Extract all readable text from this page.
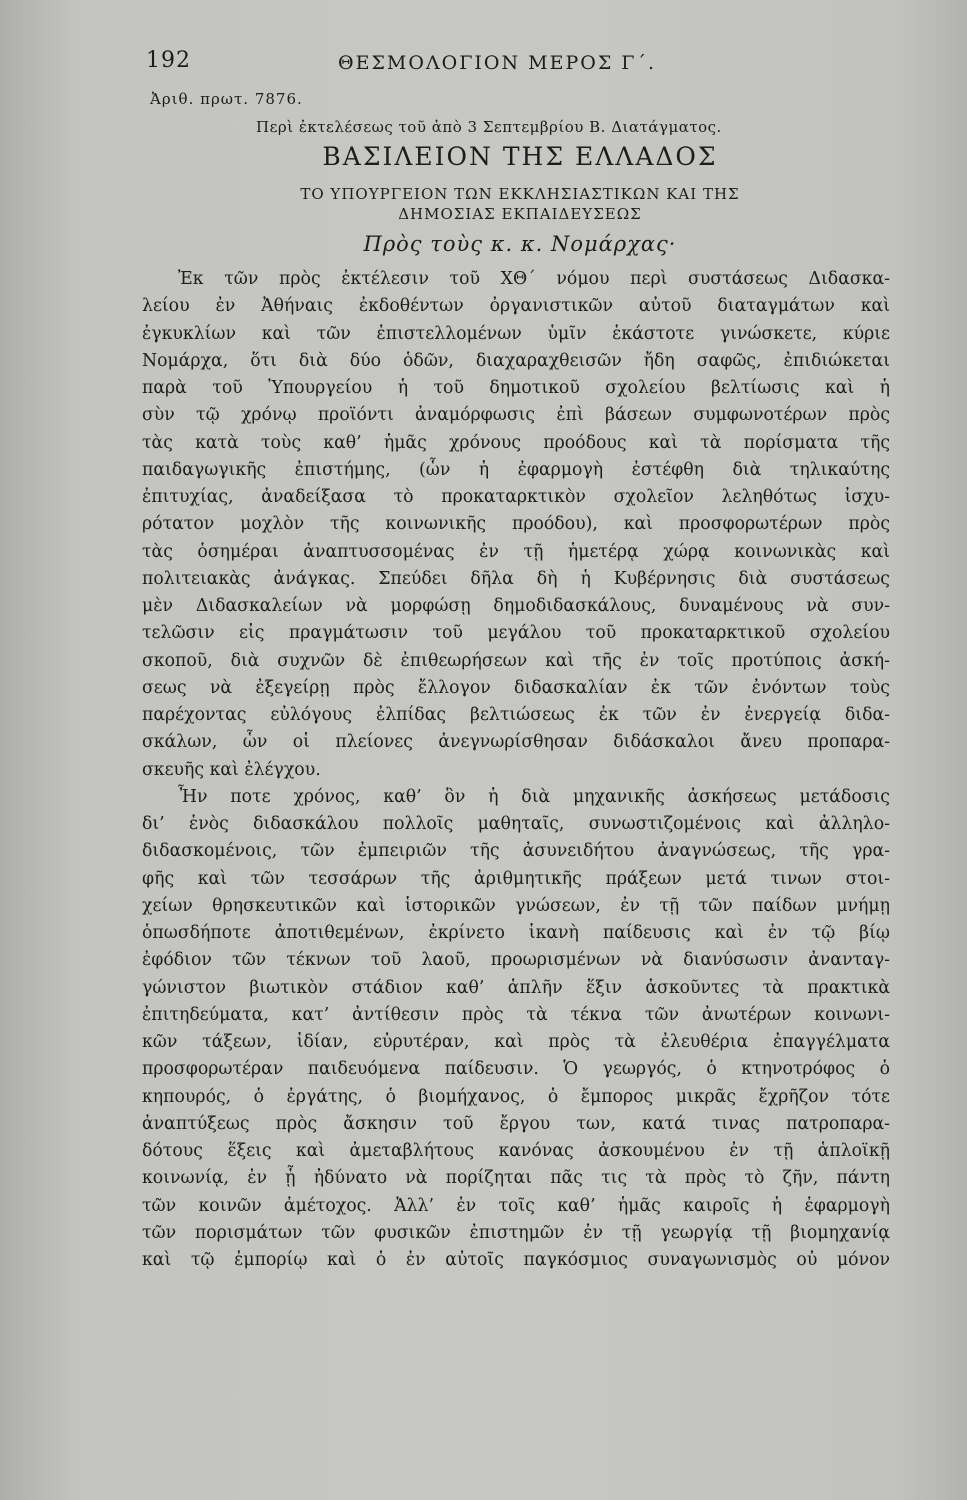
192	ΘΕΣΜΟΛΟΓΙΟΝ ΜΕΡΟΣ Γ΄.
Ἀριθ. πρωτ. 7876.
Περὶ ἐκτελέσεως τοῦ ἀπὸ 3 Σεπτεμβρίου Β. Διατάγματος.
ΒΑΣΙΛΕΙΟΝ ΤΗΣ ΕΛΛΑΔΟΣ
ΤΟ ΥΠΟΥΡΓΕΙΟΝ ΤΩΝ ΕΚΚΛΗΣΙΑΣΤΙΚΩΝ ΚΑΙ ΤΗΣ
ΔΗΜΟΣΙΑΣ ΕΚΠΑΙΔΕΥΣΕΩΣ
Πρὸς τοὺς κ. κ. Νομάρχας·
Ἐκ τῶν πρὸς ἐκτέλεσιν τοῦ ΧΘ΄ νόμου περὶ συστάσεως Διδασκα-
λείου ἐν Ἀθήναις ἐκδοθέντων ὀργανιστικῶν αὐτοῦ διαταγμάτων καὶ
ἐγκυκλίων καὶ τῶν ἐπιστελλομένων ὑμῖν ἑκάστοτε γινώσκετε, κύριε
Νομάρχα, ὅτι διὰ δύο ὁδῶν, διαχαραχθεισῶν ἤδη σαφῶς, ἐπιδιώκεται
παρὰ τοῦ Ὑπουργείου ἡ τοῦ δημοτικοῦ σχολείου βελτίωσις καὶ ἡ
σὺν τῷ χρόνῳ προϊόντι ἀναμόρφωσις ἐπὶ βάσεων συμφωνοτέρων πρὸς
τὰς κατὰ τοὺς καθ’ ἡμᾶς χρόνους προόδους καὶ τὰ πορίσματα τῆς
παιδαγωγικῆς ἐπιστήμης, (ὧν ἡ ἐφαρμογὴ ἐστέφθη διὰ τηλικαύτης
ἐπιτυχίας, ἀναδείξασα τὸ προκαταρκτικὸν σχολεῖον λεληθότως ἰσχυ-
ρότατον μοχλὸν τῆς κοινωνικῆς προόδου), καὶ προσφορωτέρων πρὸς
τὰς ὁσημέραι ἀναπτυσσομένας ἐν τῇ ἡμετέρᾳ χώρᾳ κοινωνικὰς καὶ
πολιτειακὰς ἀνάγκας. Σπεύδει δῆλα δὴ ἡ Κυβέρνησις διὰ συστάσεως
μὲν Διδασκαλείων νὰ μορφώσῃ δημοδιδασκάλους, δυναμένους νὰ συν-
τελῶσιν εἰς πραγμάτωσιν τοῦ μεγάλου τοῦ προκαταρκτικοῦ σχολείου
σκοποῦ, διὰ συχνῶν δὲ ἐπιθεωρήσεων καὶ τῆς ἐν τοῖς προτύποις ἀσκή-
σεως νὰ ἐξεγείρῃ πρὸς ἔλλογον διδασκαλίαν ἐκ τῶν ἐνόντων τοὺς
παρέχοντας εὐλόγους ἐλπίδας βελτιώσεως ἐκ τῶν ἐν ἐνεργείᾳ διδα-
σκάλων, ὧν οἱ πλείονες ἀνεγνωρίσθησαν διδάσκαλοι ἄνευ προπαρα-
σκευῆς καὶ ἐλέγχου.
Ἦν ποτε χρόνος, καθ’ ὃν ἡ διὰ μηχανικῆς ἀσκήσεως μετάδοσις
δι’ ἑνὸς διδασκάλου πολλοῖς μαθηταῖς, συνωστιζομένοις καὶ ἀλληλο-
διδασκομένοις, τῶν ἐμπειριῶν τῆς ἀσυνειδήτου ἀναγνώσεως, τῆς γρα-
φῆς καὶ τῶν τεσσάρων τῆς ἀριθμητικῆς πράξεων μετά τινων στοι-
χείων θρησκευτικῶν καὶ ἱστορικῶν γνώσεων, ἐν τῇ τῶν παίδων μνήμῃ
ὁπωσδήποτε ἀποτιθεμένων, ἐκρίνετο ἱκανὴ παίδευσις καὶ ἐν τῷ βίῳ
ἐφόδιον τῶν τέκνων τοῦ λαοῦ, προωρισμένων νὰ διανύσωσιν ἀνανταγ-
γώνιστον βιωτικὸν στάδιον καθ’ ἁπλῆν ἕξιν ἀσκοῦντες τὰ πρακτικὰ
ἐπιτηδεύματα, κατ’ ἀντίθεσιν πρὸς τὰ τέκνα τῶν ἀνωτέρων κοινωνι-
κῶν τάξεων, ἰδίαν, εὐρυτέραν, καὶ πρὸς τὰ ἐλευθέρια ἐπαγγέλματα
προσφορωτέραν παιδευόμενα παίδευσιν. Ὁ γεωργός, ὁ κτηνοτρόφος ὁ
κηπουρός, ὁ ἐργάτης, ὁ βιομήχανος, ὁ ἔμπορος μικρᾶς ἔχρῆζον τότε
ἀναπτύξεως πρὸς ἄσκησιν τοῦ ἔργου των, κατά τινας πατροπαρα-
δότους ἕξεις καὶ ἀμεταβλήτους κανόνας ἀσκουμένου ἐν τῇ ἁπλοϊκῇ
κοινωνίᾳ, ἐν ᾗ ἠδύνατο νὰ πορίζηται πᾶς τις τὰ πρὸς τὸ ζῆν, πάντη
τῶν κοινῶν ἀμέτοχος. Ἀλλ’ ἐν τοῖς καθ’ ἡμᾶς καιροῖς ἡ ἐφαρμογὴ
τῶν πορισμάτων τῶν φυσικῶν ἐπιστημῶν ἐν τῇ γεωργίᾳ τῇ βιομηχανίᾳ
καὶ τῷ ἐμπορίῳ καὶ ὁ ἐν αὐτοῖς παγκόσμιος συναγωνισμὸς οὐ μόνον
